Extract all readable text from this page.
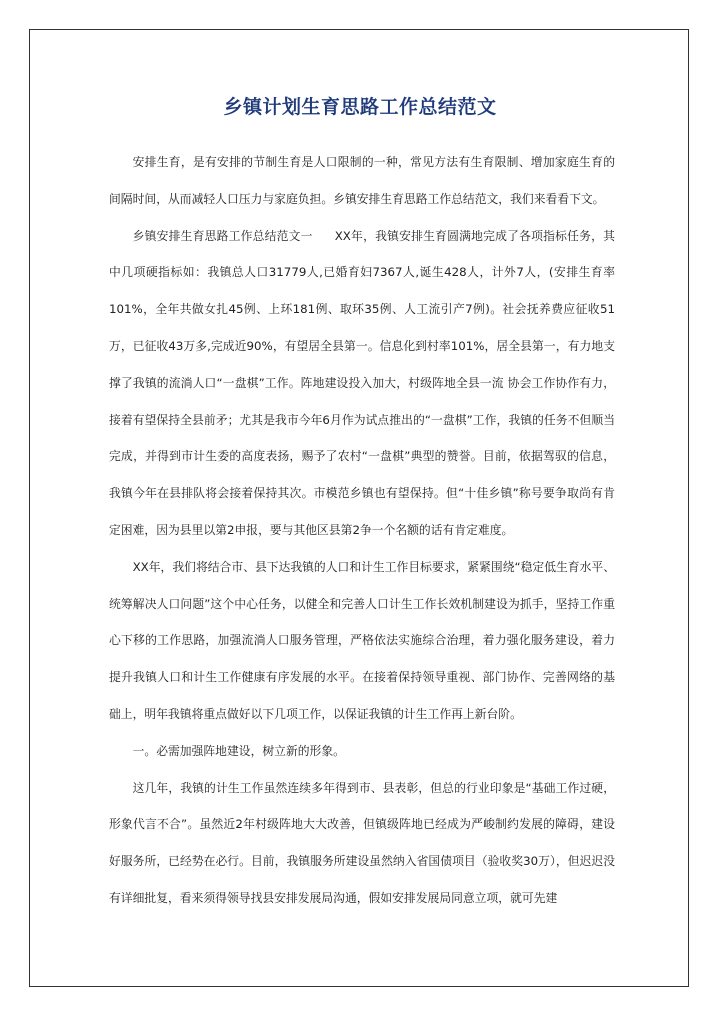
乡镇计划生育思路工作总结范文

安排生育，是有安排的节制生育是人口限制的一种，常见方法有生育限制、增加家庭生育的间隔时间，从而减轻人口压力与家庭负担。乡镇安排生育思路工作总结范文，我们来看看下文。

乡镇安排生育思路工作总结范文一 XX年，我镇安排生育圆满地完成了各项指标任务，其中几项硬指标如：我镇总人口31779人,已婚育妇7367人,诞生428人，计外7人，(安排生育率101%，全年共做女扎45例、上环181例、取环35例、人工流引产7例)。社会抚养费应征收51万，已征收43万多,完成近90%，有望居全县第一。信息化到村率101%，居全县第一，有力地支撑了我镇的流淌人口“一盘棋”工作。阵地建设投入加大，村级阵地全县一流 协会工作协作有力，接着有望保持全县前矛；尤其是我市今年6月作为试点推出的“一盘棋”工作，我镇的任务不但顺当完成，并得到市计生委的高度表扬，赐予了农村“一盘棋”典型的赞誉。目前，依据驾驭的信息，我镇今年在县排队将会接着保持其次。市模范乡镇也有望保持。但“十佳乡镇”称号要争取尚有肯定困难，因为县里以第2申报，要与其他区县第2争一个名额的话有肯定难度。

XX年，我们将结合市、县下达我镇的人口和计生工作目标要求，紧紧围绕“稳定低生育水平、统筹解决人口问题”这个中心任务，以健全和完善人口计生工作长效机制建设为抓手，坚持工作重心下移的工作思路，加强流淌人口服务管理，严格依法实施综合治理，着力强化服务建设，着力提升我镇人口和计生工作健康有序发展的水平。在接着保持领导重视、部门协作、完善网络的基础上，明年我镇将重点做好以下几项工作，以保证我镇的计生工作再上新台阶。

一。必需加强阵地建设，树立新的形象。

这几年，我镇的计生工作虽然连续多年得到市、县表彰，但总的行业印象是“基础工作过硬，形象代言不合”。虽然近2年村级阵地大大改善，但镇级阵地已经成为严峻制约发展的障碍，建设好服务所，已经势在必行。目前，我镇服务所建设虽然纳入省国债项目（验收奖30万），但迟迟没有详细批复，看来须得领导找县安排发展局沟通，假如安排发展局同意立项，就可先建
